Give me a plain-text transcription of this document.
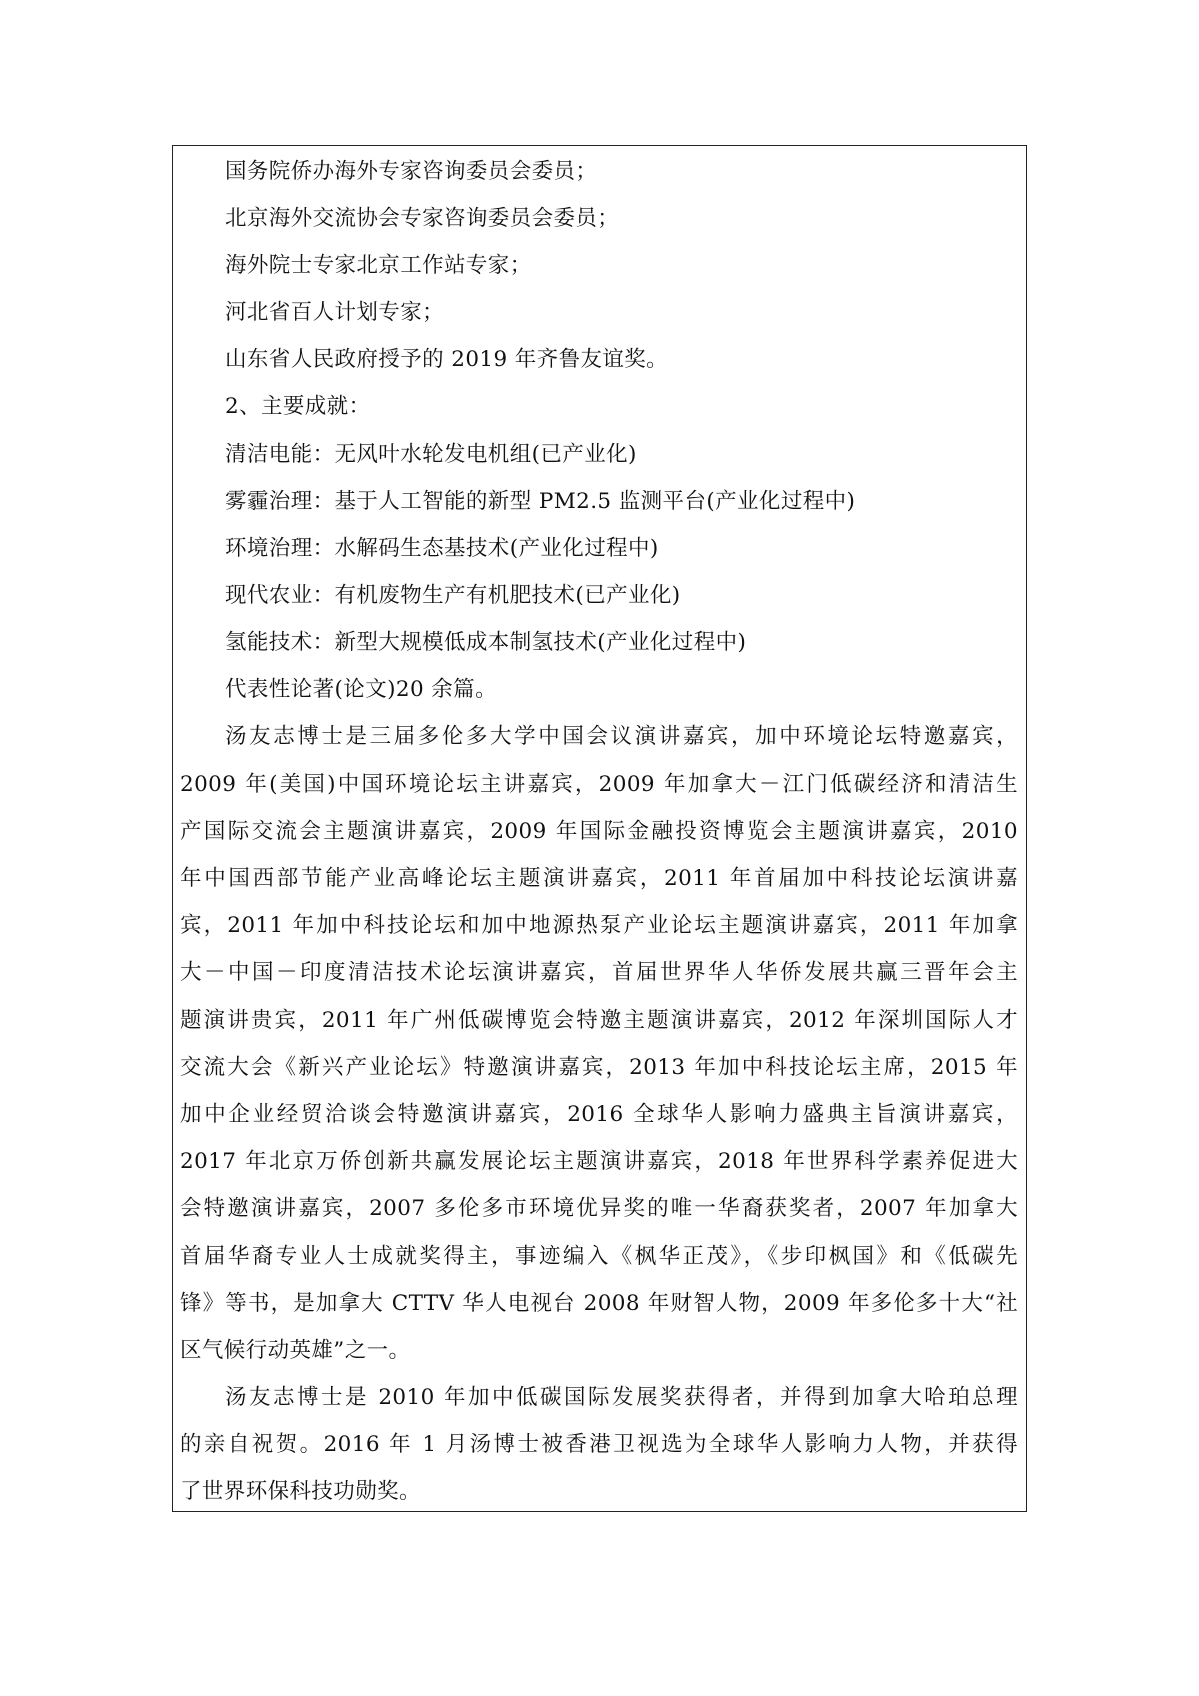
国务院侨办海外专家咨询委员会委员；
北京海外交流协会专家咨询委员会委员；
海外院士专家北京工作站专家；
河北省百人计划专家；
山东省人民政府授予的 2019 年齐鲁友谊奖。
2、主要成就：
清洁电能：无风叶水轮发电机组(已产业化)
雾霾治理：基于人工智能的新型 PM2.5 监测平台(产业化过程中)
环境治理：水解码生态基技术(产业化过程中)
现代农业：有机废物生产有机肥技术(已产业化)
氢能技术：新型大规模低成本制氢技术(产业化过程中)
代表性论著(论文)20 余篇。
汤友志博士是三届多伦多大学中国会议演讲嘉宾，加中环境论坛特邀嘉宾，
2009 年(美国)中国环境论坛主讲嘉宾，2009 年加拿大－江门低碳经济和清洁生
产国际交流会主题演讲嘉宾，2009 年国际金融投资博览会主题演讲嘉宾，2010
年中国西部节能产业高峰论坛主题演讲嘉宾，2011 年首届加中科技论坛演讲嘉
宾，2011 年加中科技论坛和加中地源热泵产业论坛主题演讲嘉宾，2011 年加拿
大－中国－印度清洁技术论坛演讲嘉宾，首届世界华人华侨发展共赢三晋年会主
题演讲贵宾，2011 年广州低碳博览会特邀主题演讲嘉宾，2012 年深圳国际人才
交流大会《新兴产业论坛》特邀演讲嘉宾，2013 年加中科技论坛主席，2015 年
加中企业经贸洽谈会特邀演讲嘉宾，2016 全球华人影响力盛典主旨演讲嘉宾，
2017 年北京万侨创新共赢发展论坛主题演讲嘉宾，2018 年世界科学素养促进大
会特邀演讲嘉宾，2007 多伦多市环境优异奖的唯一华裔获奖者，2007 年加拿大
首届华裔专业人士成就奖得主，事迹编入《枫华正茂》，《步印枫国》和《低碳先
锋》等书，是加拿大 CTTV 华人电视台 2008 年财智人物，2009 年多伦多十大“社
区气候行动英雄”之一。
汤友志博士是 2010 年加中低碳国际发展奖获得者，并得到加拿大哈珀总理
的亲自祝贺。2016 年 1 月汤博士被香港卫视选为全球华人影响力人物，并获得
了世界环保科技功勋奖。
